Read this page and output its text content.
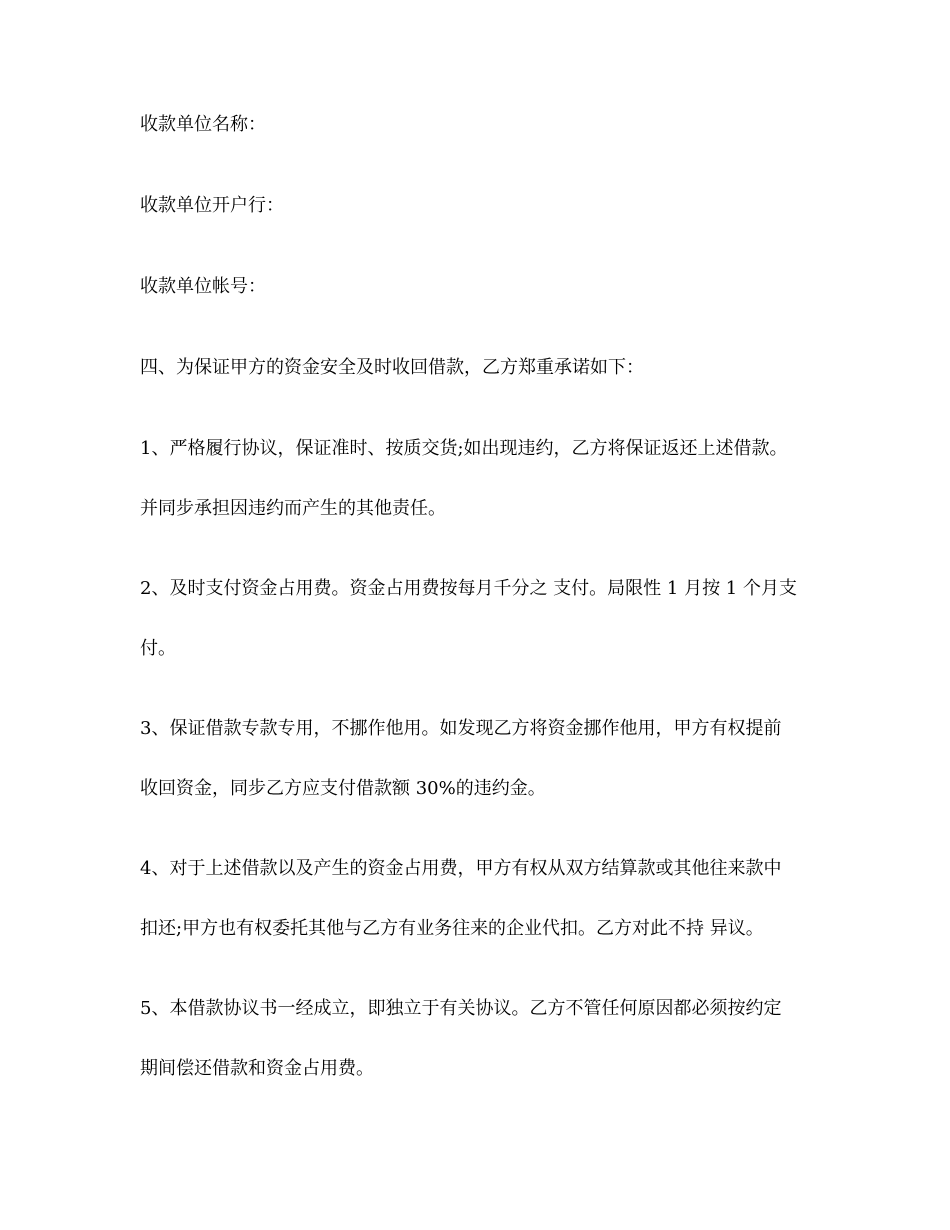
收款单位名称：
收款单位开户行：
收款单位帐号：
四、为保证甲方的资金安全及时收回借款，乙方郑重承诺如下：
1、严格履行协议，保证准时、按质交货;如出现违约，乙方将保证返还上述借款。
并同步承担因违约而产生的其他责任。
2、及时支付资金占用费。资金占用费按每月千分之 支付。局限性 1 月按 1 个月支
付。
3、保证借款专款专用，不挪作他用。如发现乙方将资金挪作他用，甲方有权提前
收回资金，同步乙方应支付借款额 30%的违约金。
4、对于上述借款以及产生的资金占用费，甲方有权从双方结算款或其他往来款中
扣还;甲方也有权委托其他与乙方有业务往来的企业代扣。乙方对此不持 异议。
5、本借款协议书一经成立，即独立于有关协议。乙方不管任何原因都必须按约定
期间偿还借款和资金占用费。
